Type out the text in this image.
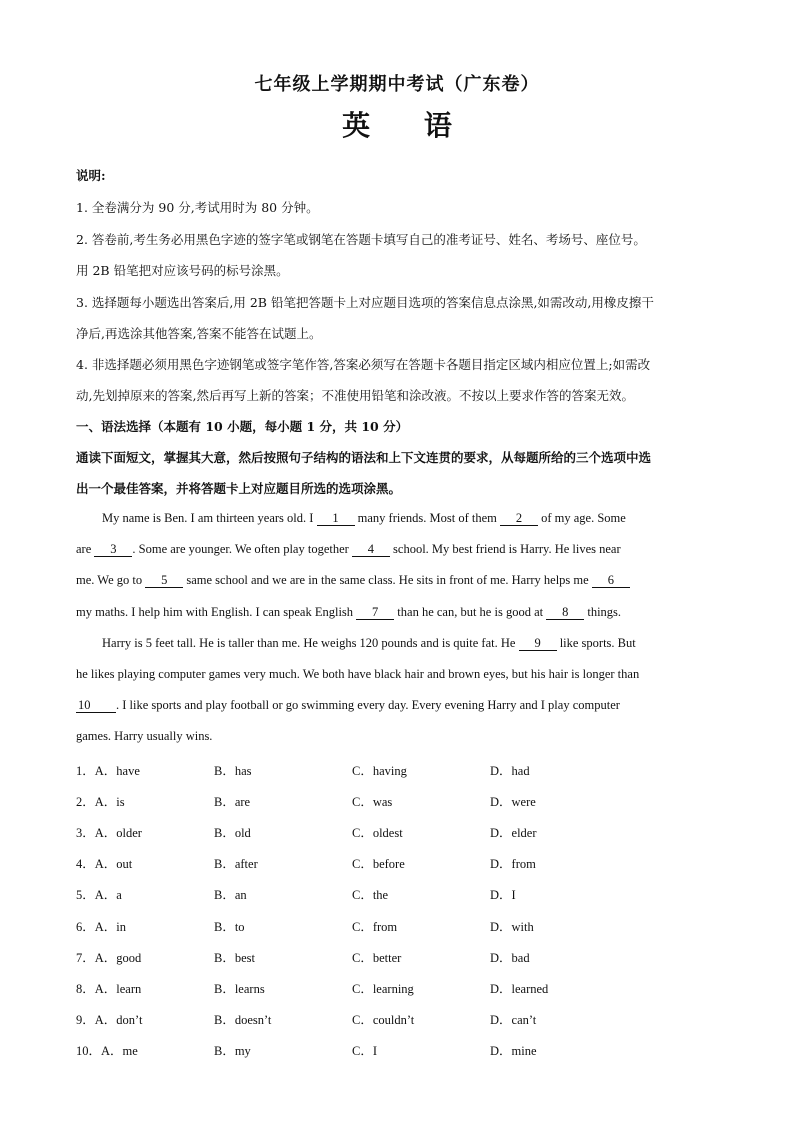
七年级上学期期中考试（广东卷）
英 语
说明:
1. 全卷满分为 90 分,考试用时为 80 分钟。
2. 答卷前,考生务必用黑色字迹的签字笔或钢笔在答题卡填写自己的准考证号、姓名、考场号、座位号。
用 2B 铅笔把对应该号码的标号涂黑。
3. 选择题每小题选出答案后,用 2B 铅笔把答题卡上对应题目选项的答案信息点涂黑,如需改动,用橡皮擦干
净后,再选涂其他答案,答案不能答在试题上。
4. 非选择题必须用黑色字迹钢笔或签字笔作答,答案必须写在答题卡各题目指定区域内相应位置上;如需改
动,先划掉原来的答案,然后再写上新的答案；不准使用铅笔和涂改液。不按以上要求作答的答案无效。
一、语法选择（本题有 10 小题，每小题 1 分，共 10 分）
通读下面短文，掌握其大意，然后按照句子结构的语法和上下文连贯的要求，从每题所给的三个选项中选
出一个最佳答案，并将答题卡上对应题目所选的选项涂黑。
My name is Ben. I am thirteen years old. I 1 many friends. Most of them 2 of my age. Some
are 3 . Some are younger. We often play together 4 school. My best friend is Harry. He lives near
me. We go to 5 same school and we are in the same class. He sits in front of me. Harry helps me 6
my maths. I help him with English. I can speak English 7 than he can, but he is good at 8 things.
Harry is 5 feet tall. He is taller than me. He weighs 120 pounds and is quite fat. He 9 like sports. But
he likes playing computer games very much. We both have black hair and brown eyes, but his hair is longer than
10 . I like sports and play football or go swimming every day. Every evening Harry and I play computer
games. Harry usually wins.
1．A．have	B．has	C．having	D．had
2．A．is	B．are	C．was	D．were
3．A．older	B．old	C．oldest	D．elder
4．A．out	B．after	C．before	D．from
5．A．a	B．an	C．the	D．I
6．A．in	B．to	C．from	D．with
7．A．good	B．best	C．better	D．bad
8．A．learn	B．learns	C．learning	D．learned
9．A．don’t	B．doesn’t	C．couldn’t	D．can’t
10．A．me	B．my	C．I	D．mine
